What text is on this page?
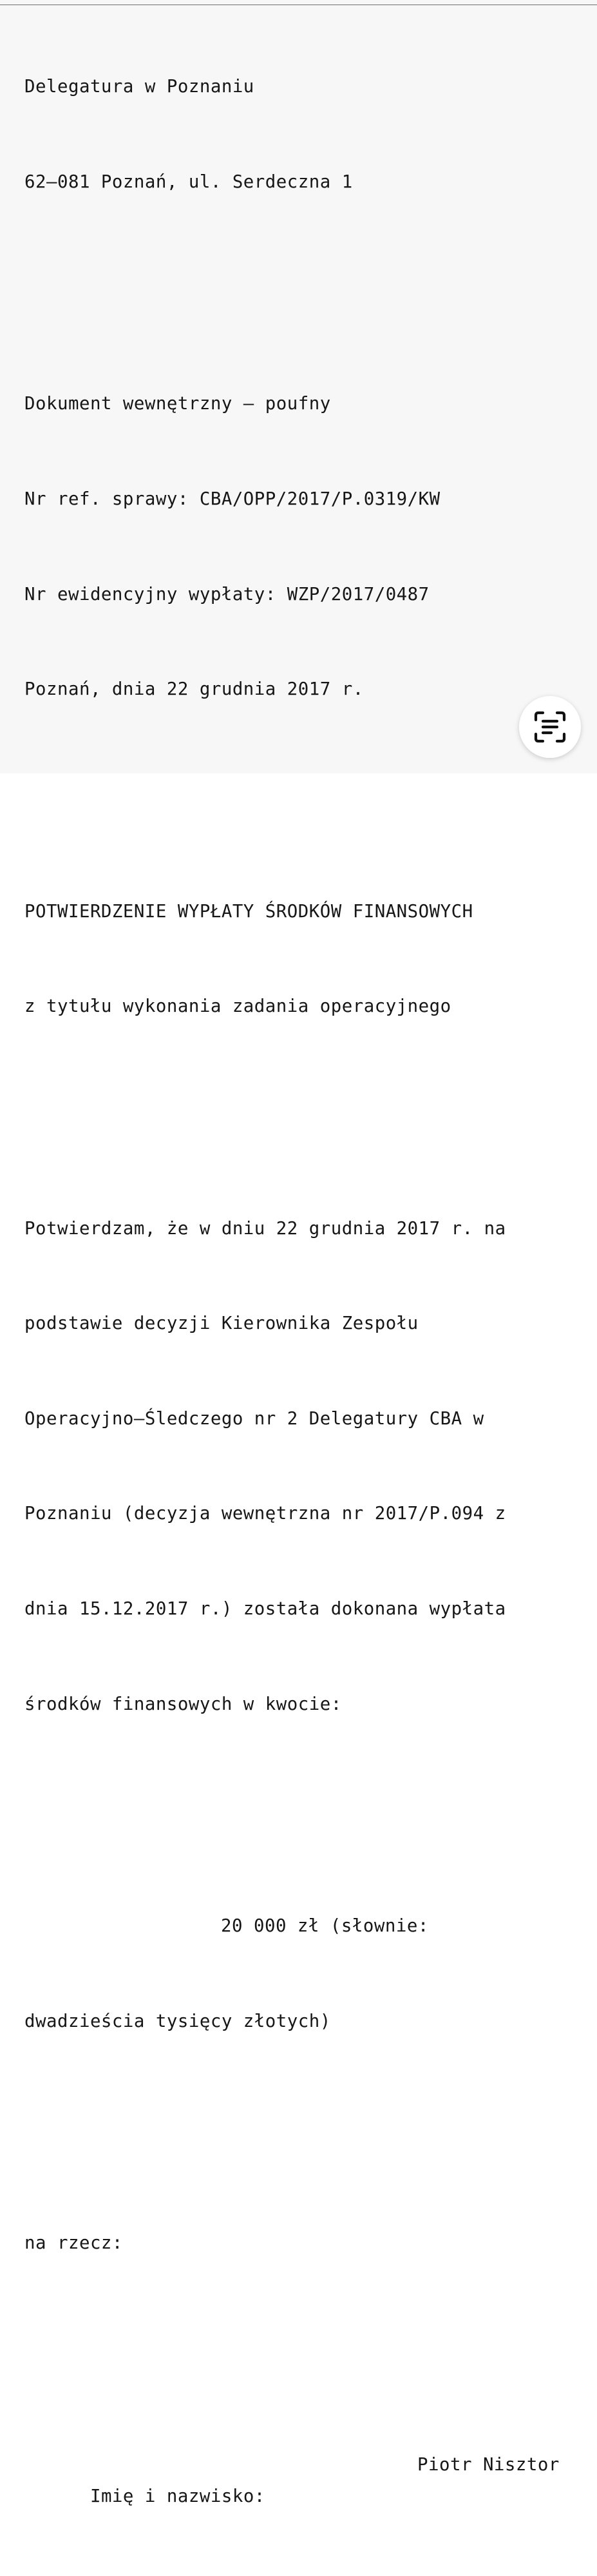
Delegatura w Poznaniu

62–081 Poznań, ul. Serdeczna 1

Dokument wewnętrzny — poufny

Nr ref. sprawy: CBA/OPP/2017/P.0319/KW

Nr ewidencyjny wypłaty: WZP/2017/0487

Poznań, dnia 22 grudnia 2017 r.

POTWIERDZENIE WYPŁATY ŚRODKÓW FINANSOWYCH

z tytułu wykonania zadania operacyjnego

Potwierdzam, że w dniu 22 grudnia 2017 r. na

podstawie decyzji Kierownika Zespołu

Operacyjno–Śledczego nr 2 Delegatury CBA w

Poznaniu (decyzja wewnętrzna nr 2017/P.094 z

dnia 15.12.2017 r.) została dokonana wypłata

środków finansowych w kwocie:

20 000 zł (słownie:

dwadzieścia tysięcy złotych)

na rzecz:

Imię i nazwisko:

Piotr Nisztor
